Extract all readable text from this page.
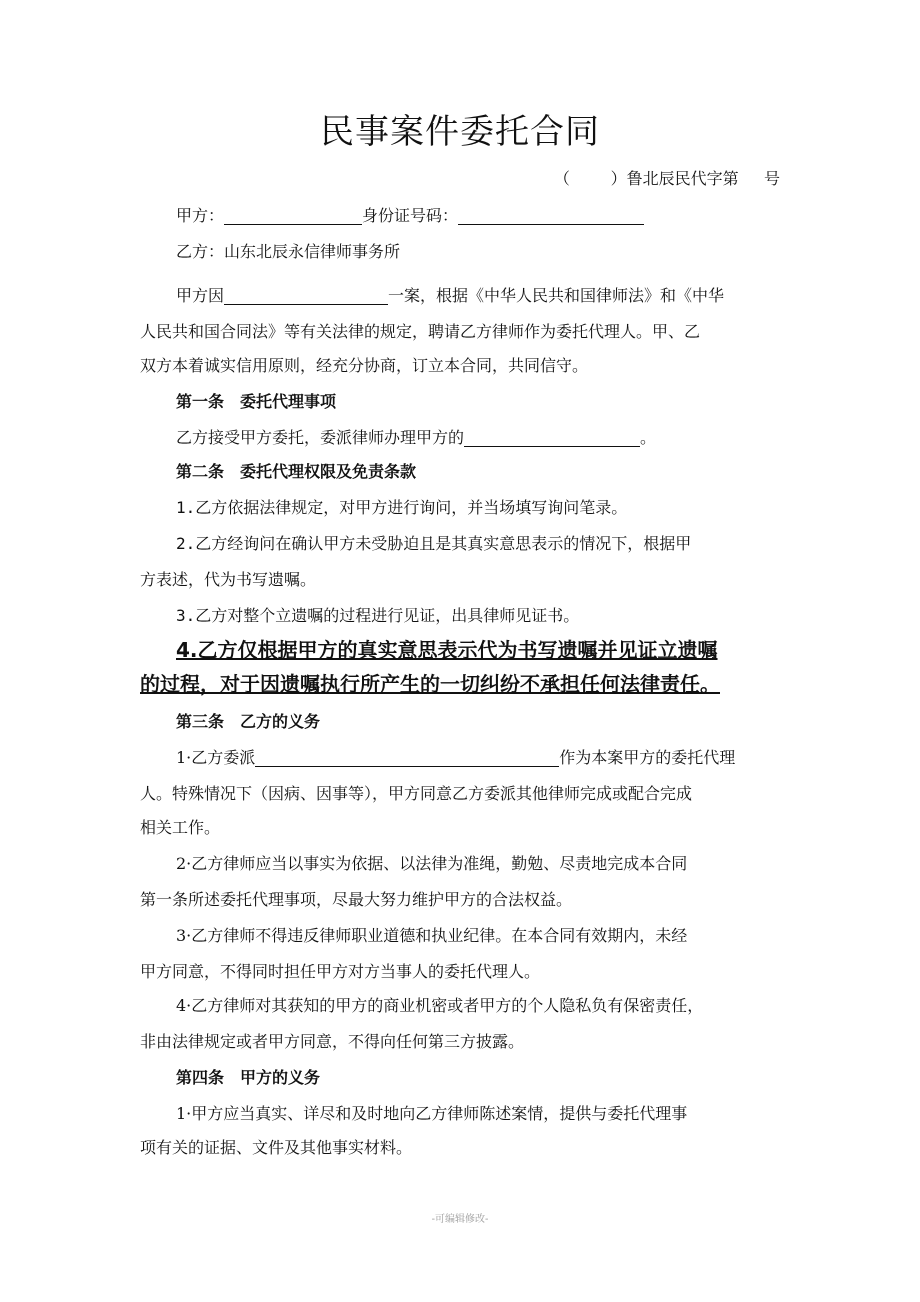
民事案件委托合同
（        ）鲁北辰民代字第     号
甲方：	身份证号码：
乙方：山东北辰永信律师事务所
甲方因	一案，根据《中华人民共和国律师法》和《中华
人民共和国合同法》等有关法律的规定，聘请乙方律师作为委托代理人。甲、乙
双方本着诚实信用原则，经充分协商，订立本合同，共同信守。
第一条　委托代理事项
乙方接受甲方委托，委派律师办理甲方的	。
第二条　委托代理权限及免责条款
1.乙方依据法律规定，对甲方进行询问，并当场填写询问笔录。
2.乙方经询问在确认甲方未受胁迫且是其真实意思表示的情况下，根据甲
方表述，代为书写遗嘱。
3.乙方对整个立遗嘱的过程进行见证，出具律师见证书。
4.乙方仅根据甲方的真实意思表示代为书写遗嘱并见证立遗嘱
的过程，对于因遗嘱执行所产生的一切纠纷不承担任何法律责任。
第三条　乙方的义务
1·乙方委派	作为本案甲方的委托代理
人。特殊情况下（因病、因事等），甲方同意乙方委派其他律师完成或配合完成
相关工作。
2·乙方律师应当以事实为依据、以法律为准绳，勤勉、尽责地完成本合同
第一条所述委托代理事项，尽最大努力维护甲方的合法权益。
3·乙方律师不得违反律师职业道德和执业纪律。在本合同有效期内，未经
甲方同意，不得同时担任甲方对方当事人的委托代理人。
4·乙方律师对其获知的甲方的商业机密或者甲方的个人隐私负有保密责任，
非由法律规定或者甲方同意，不得向任何第三方披露。
第四条　甲方的义务
1·甲方应当真实、详尽和及时地向乙方律师陈述案情，提供与委托代理事
项有关的证据、文件及其他事实材料。
-可编辑修改-
